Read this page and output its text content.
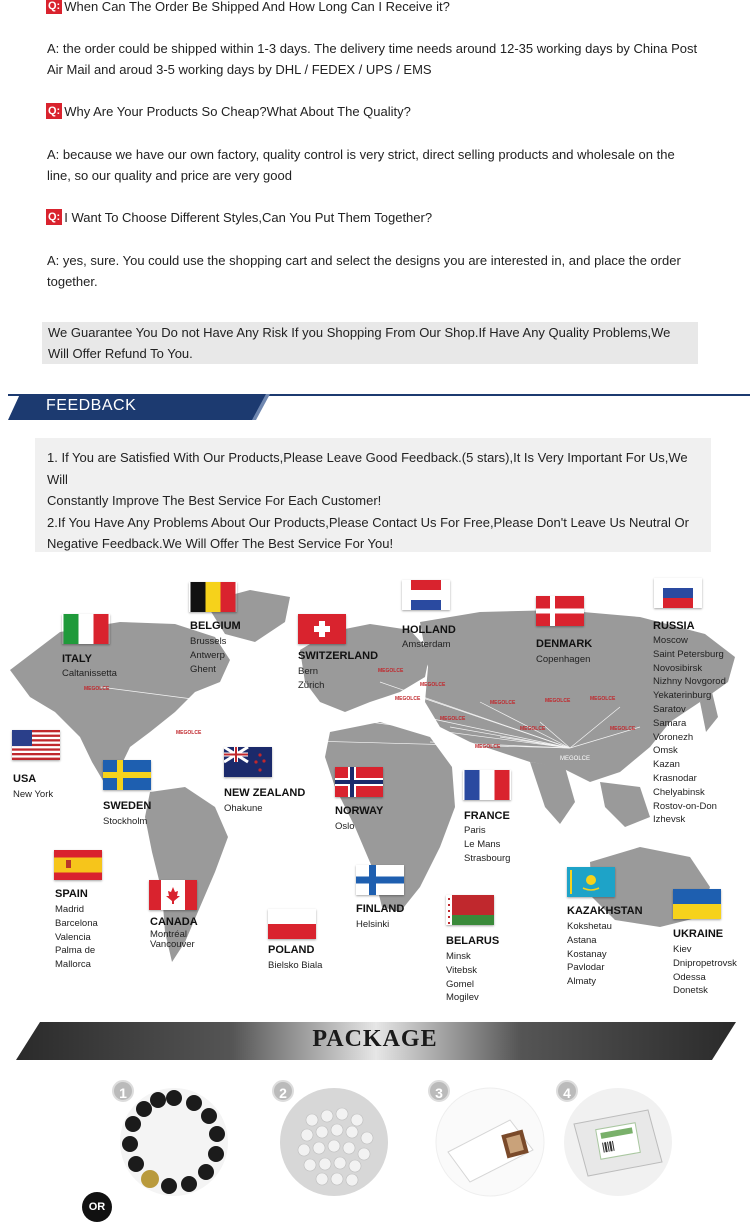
Q: When Can The Order Be Shipped And How Long Can I Receive it?
A: the order could be shipped within 1-3 days. The delivery time needs around 12-35 working days by China Post
Air Mail and aroud 3-5 working days by DHL / FEDEX / UPS / EMS
Q: Why Are Your Products So Cheap?What About The Quality?
A: because we have our own factory, quality control is very strict, direct selling products and wholesale on the
line, so our quality and price are very good
Q: I Want To Choose Different Styles,Can You Put Them Together?
A: yes, sure. You could use the shopping cart and select the designs you are interested in, and place the order
together.
We Guarantee You Do not Have Any Risk If you Shopping From Our Shop.If Have Any Quality Problems,We
Will Offer Refund To You.
FEEDBACK
1. If You are Satisfied With Our Products,Please Leave Good Feedback.(5 stars),It Is Very Important For Us,We Will
Constantly Improve The Best Service For Each Customer!
2.If You Have Any Problems About Our Products,Please Contact Us For Free,Please Don't Leave Us Neutral Or
Negative Feedback.We Will Offer The Best Service For You!
MEGOLCE
MEGOLCE
MEGOLCE
MEGOLCE
MEGOLCE
MEGOLCE
MEGOLCE
MEGOLCE
MEGOLCE	MEGOLCE
MEGOLCE
MEGOLCE
MEGOLCE
ITALY
Caltanissetta
BELGIUM
Brussels
Antwerp
Ghent
SWITZERLAND
Bern
Zürich
HOLLAND
Amsterdam	DENMARK
Copenhagen
RUSSIA
Moscow
Saint Petersburg
Novosibirsk
Nizhny Novgorod
Yekaterinburg
Saratov
Samara
Voronezh
Omsk
Kazan
Krasnodar
Chelyabinsk
Rostov-on-Don
Izhevsk
USA
New York
SWEDEN
Stockholm
NEW ZEALAND
Ohakune	NORWAY
Oslo
FRANCE
Paris
Le Mans
Strasbourg
SPAIN
Madrid
Barcelona
Valencia
Palma de
Mallorca
CANADA
Montréal
Vancouver	POLAND
Bielsko Biala
FINLAND
Helsinki
BELARUS
Minsk
Vitebsk
Gomel
Mogilev
KAZAKHSTAN
Kokshetau
Astana
Kostanay
Pavlodar
Almaty
UKRAINE
Kiev
Dnipropetrovsk
Odessa
Donetsk
PACKAGE
1	2	3	4
OR
